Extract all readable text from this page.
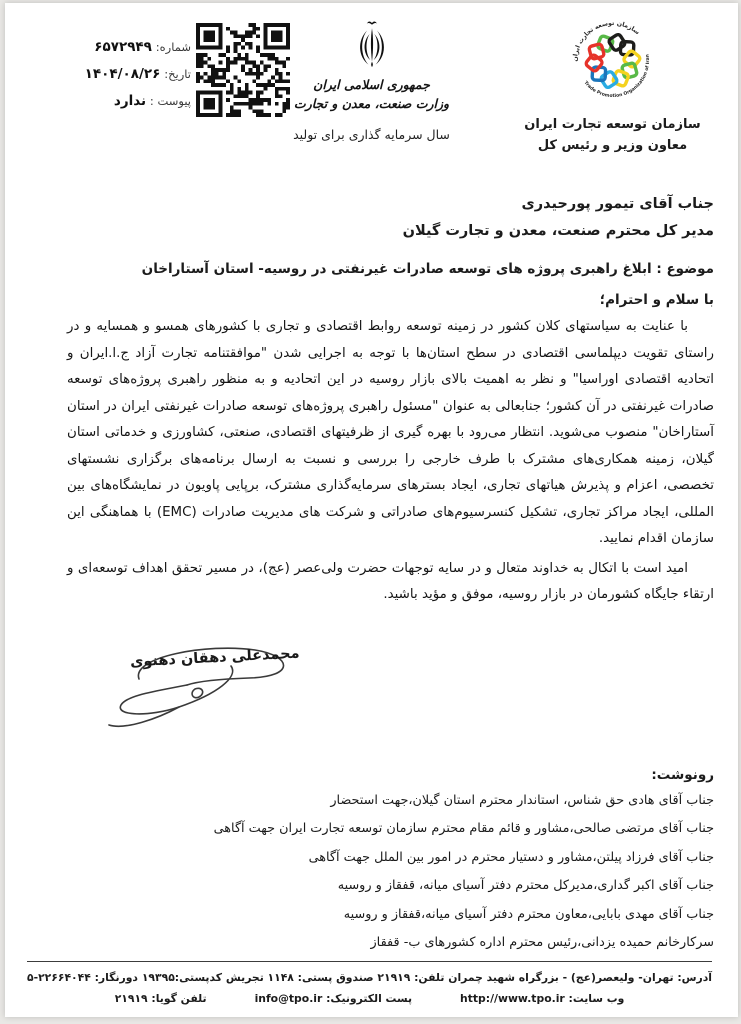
شماره: ۶۵۷۲۹۴۹
تاریخ: ۱۴۰۴/۰۸/۲۶
پیوست : ندارد
جمهوری اسلامی ایران
وزارت صنعت، معدن و تجارت
سال سرمایه گذاری برای تولید
سازمان توسعه تجارت ایران
Trade Promotion Organization of Iran
سازمان توسعه تجارت ایران
معاون وزیر و رئیس کل
جناب آقای تیمور پورحیدری
مدیر کل محترم صنعت، معدن و تجارت گیلان
موضوع : ابلاغ راهبری پروژه های توسعه صادرات غیرنفتی در روسیه- استان آستاراخان
با سلام و احترام؛

با عنایت به سیاستهای کلان کشور در زمینه توسعه روابط اقتصادی و تجاری با کشورهای همسو و همسایه و در راستای تقویت دیپلماسی اقتصادی در سطح استان‌ها با توجه به اجرایی شدن "موافقتنامه تجارت آزاد ج.ا.ایران و اتحادیه اقتصادی اوراسیا" و نظر به اهمیت بالای بازار روسیه در این اتحادیه و به منظور راهبری پروژه‌های توسعه صادرات غیرنفتی در آن کشور؛ جنابعالی به عنوان "مسئول راهبری پروژه‌های توسعه صادرات غیرنفتی ایران در استان آستاراخان" منصوب می‌شوید. انتظار می‌رود با بهره گیری از ظرفیتهای اقتصادی، صنعتی، کشاورزی و خدماتی استان گیلان، زمینه همکاری‌های مشترک با طرف خارجی را بررسی و نسبت به ارسال برنامه‌های برگزاری نشستهای تخصصی، اعزام و پذیرش هیاتهای تجاری، ایجاد بسترهای سرمایه‌گذاری مشترک، برپایی پاویون در نمایشگاه‌های بین المللی، ایجاد مراکز تجاری، تشکیل کنسرسیوم‌های صادراتی و شرکت های مدیریت صادرات (EMC) با هماهنگی این سازمان اقدام نمایید.

امید است با اتکال به خداوند متعال و در سایه توجهات حضرت ولی‌عصر (عج)، در مسیر تحقق اهداف توسعه‌ای و ارتقاء جایگاه کشورمان در بازار روسیه، موفق و مؤید باشید.

محمدعلی دهقان دهنوی
رونوشت:
جناب آقای هادی حق شناس، استاندار محترم استان گیلان،جهت استحضار
جناب آقای مرتضی صالحی،مشاور و قائم مقام محترم سازمان توسعه تجارت ایران جهت آگاهی
جناب آقای فرزاد پیلتن،مشاور و دستیار محترم در امور بین الملل جهت آگاهی
جناب آقای اکبر گداری،مدیرکل محترم دفتر آسیای میانه، قفقاز و روسیه
جناب آقای مهدی بابایی،معاون محترم دفتر آسیای میانه،قفقاز و روسیه
سرکارخانم حمیده یزدانی،رئیس محترم اداره کشورهای ب- قفقاز
آدرس: تهران- ولیعصر(عج) - بزرگراه شهید چمران
تلفن: ۲۱۹۱۹
صندوق پستی: ۱۱۴۸ تجریش
کدپستی:۱۹۳۹۵
دورنگار: ۲۲۶۶۴۰۴۴-۵
وب سایت: http://www.tpo.ir
پست الکترونیک: info@tpo.ir
تلفن گویا: ۲۱۹۱۹
